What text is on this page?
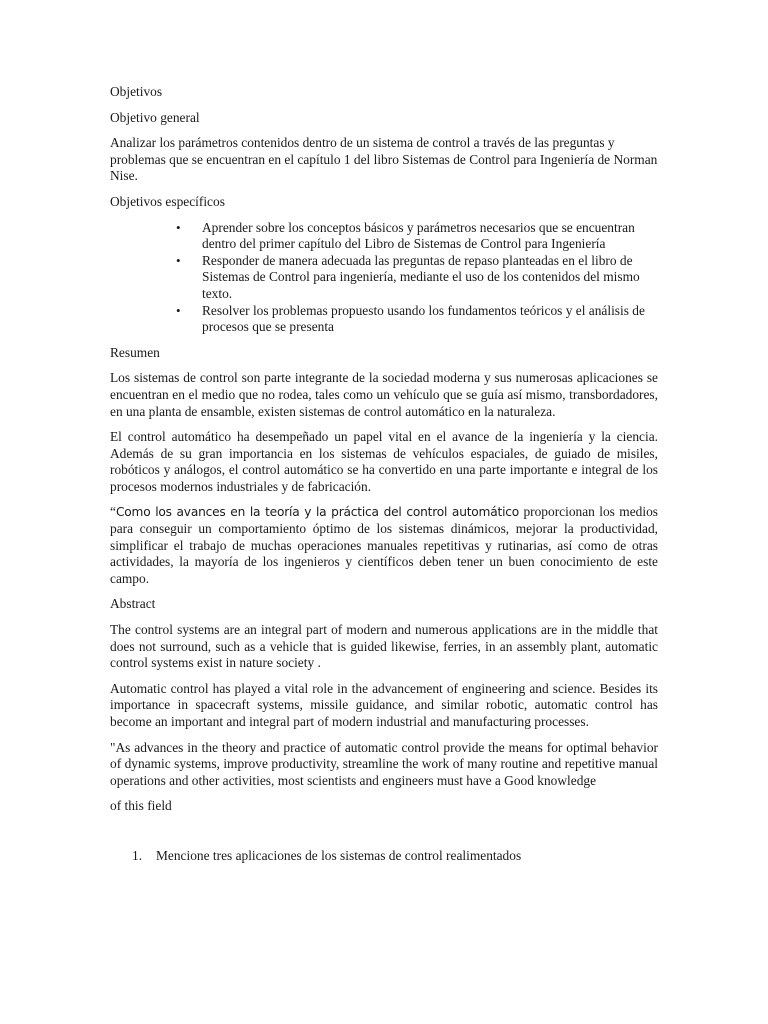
Objetivos

Objetivo general

Analizar los parámetros contenidos dentro de un sistema de control a través de las preguntas y problemas que se encuentran en el capítulo 1 del libro Sistemas de Control para Ingeniería de Norman Nise.

Objetivos específicos

• Aprender sobre los conceptos básicos y parámetros necesarios que se encuentran dentro del primer capítulo del Libro de Sistemas de Control para Ingeniería
• Responder de manera adecuada las preguntas de repaso planteadas en el libro de Sistemas de Control para ingeniería, mediante el uso de los contenidos del mismo texto.
• Resolver los problemas propuesto usando los fundamentos teóricos y el análisis de procesos que se presenta

Resumen

Los sistemas de control son parte integrante de la sociedad moderna y sus numerosas aplicaciones se encuentran en el medio que no rodea, tales como un vehículo que se guía así mismo, transbordadores, en una planta de ensamble, existen sistemas de control automático en la naturaleza.

El control automático ha desempeñado un papel vital en el avance de la ingeniería y la ciencia. Además de su gran importancia en los sistemas de vehículos espaciales, de guiado de misiles, robóticos y análogos, el control automático se ha convertido en una parte importante e integral de los procesos modernos industriales y de fabricación.

“Como los avances en la teoría y la práctica del control automático proporcionan los medios para conseguir un comportamiento óptimo de los sistemas dinámicos, mejorar la productividad, simplificar el trabajo de muchas operaciones manuales repetitivas y rutinarias, así como de otras actividades, la mayoría de los ingenieros y científicos deben tener un buen conocimiento de este campo.

Abstract

The control systems are an integral part of modern and numerous applications are in the middle that does not surround, such as a vehicle that is guided likewise, ferries, in an assembly plant, automatic control systems exist in nature society .

Automatic control has played a vital role in the advancement of engineering and science. Besides its importance in spacecraft systems, missile guidance, and similar robotic, automatic control has become an important and integral part of modern industrial and manufacturing processes.

"As advances in the theory and practice of automatic control provide the means for optimal behavior of dynamic systems, improve productivity, streamline the work of many routine and repetitive manual operations and other activities, most scientists and engineers must have a Good knowledge

of this field

1. Mencione tres aplicaciones de los sistemas de control realimentados
